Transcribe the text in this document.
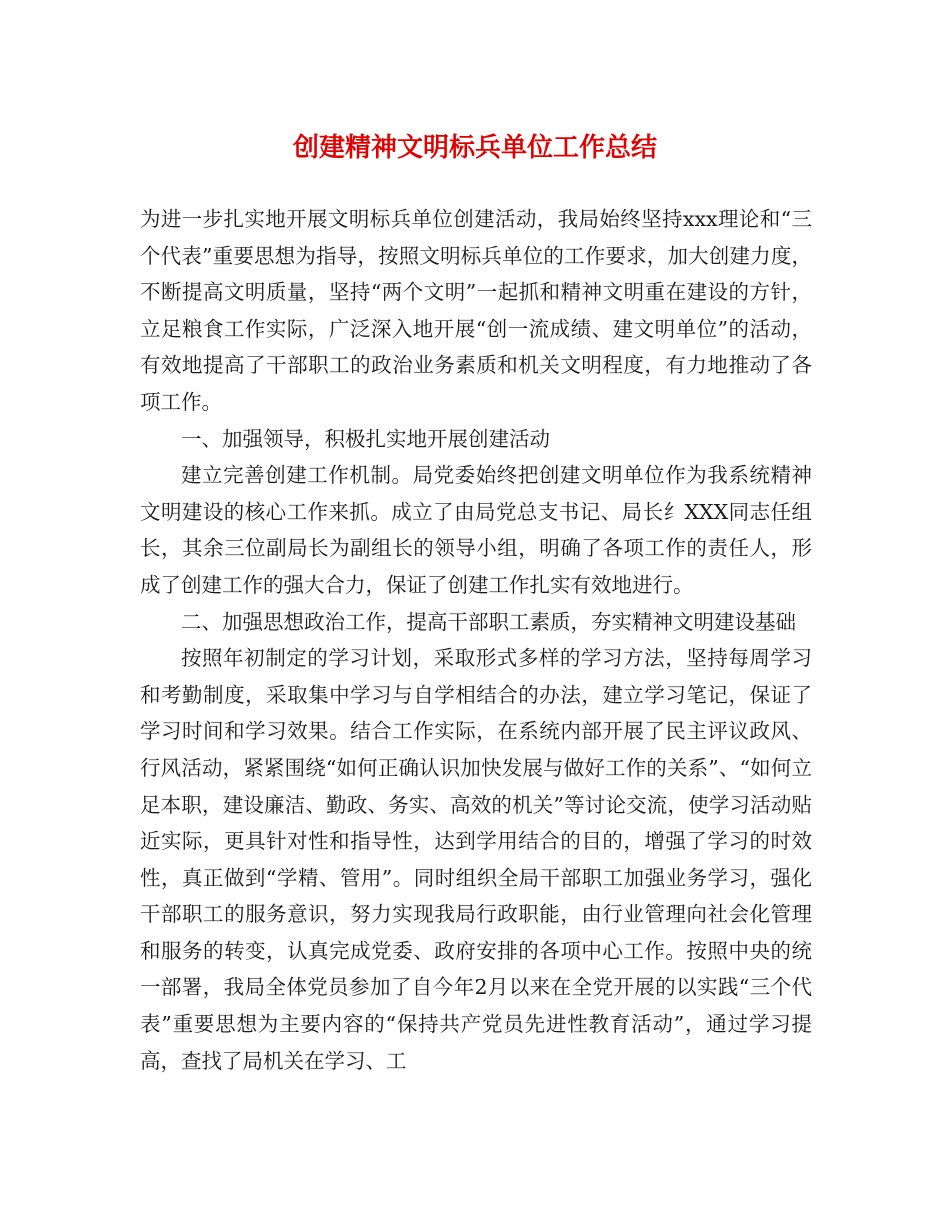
创建精神文明标兵单位工作总结

为进一步扎实地开展文明标兵单位创建活动，我局始终坚持xxx理论和“三个代表”重要思想为指导，按照文明标兵单位的工作要求，加大创建力度，不断提高文明质量，坚持“两个文明”一起抓和精神文明重在建设的方针，立足粮食工作实际，广泛深入地开展“创一流成绩、建文明单位”的活动，有效地提高了干部职工的政治业务素质和机关文明程度，有力地推动了各项工作。

一、加强领导，积极扎实地开展创建活动

建立完善创建工作机制。局党委始终把创建文明单位作为我系统精神文明建设的核心工作来抓。成立了由局党总支书记、局长纟XXX同志任组长，其余三位副局长为副组长的领导小组，明确了各项工作的责任人，形成了创建工作的强大合力，保证了创建工作扎实有效地进行。

二、加强思想政治工作，提高干部职工素质，夯实精神文明建设基础

按照年初制定的学习计划，采取形式多样的学习方法，坚持每周学习和考勤制度，采取集中学习与自学相结合的办法，建立学习笔记，保证了学习时间和学习效果。结合工作实际，在系统内部开展了民主评议政风、行风活动，紧紧围绕“如何正确认识加快发展与做好工作的关系”、“如何立足本职，建设廉洁、勤政、务实、高效的机关”等讨论交流，使学习活动贴近实际，更具针对性和指导性，达到学用结合的目的，增强了学习的时效性，真正做到“学精、管用”。同时组织全局干部职工加强业务学习，强化干部职工的服务意识，努力实现我局行政职能，由行业管理向社会化管理和服务的转变，认真完成党委、政府安排的各项中心工作。按照中央的统一部署，我局全体党员参加了自今年2月以来在全党开展的以实践“三个代表”重要思想为主要内容的“保持共产党员先进性教育活动”，通过学习提高，查找了局机关在学习、工
